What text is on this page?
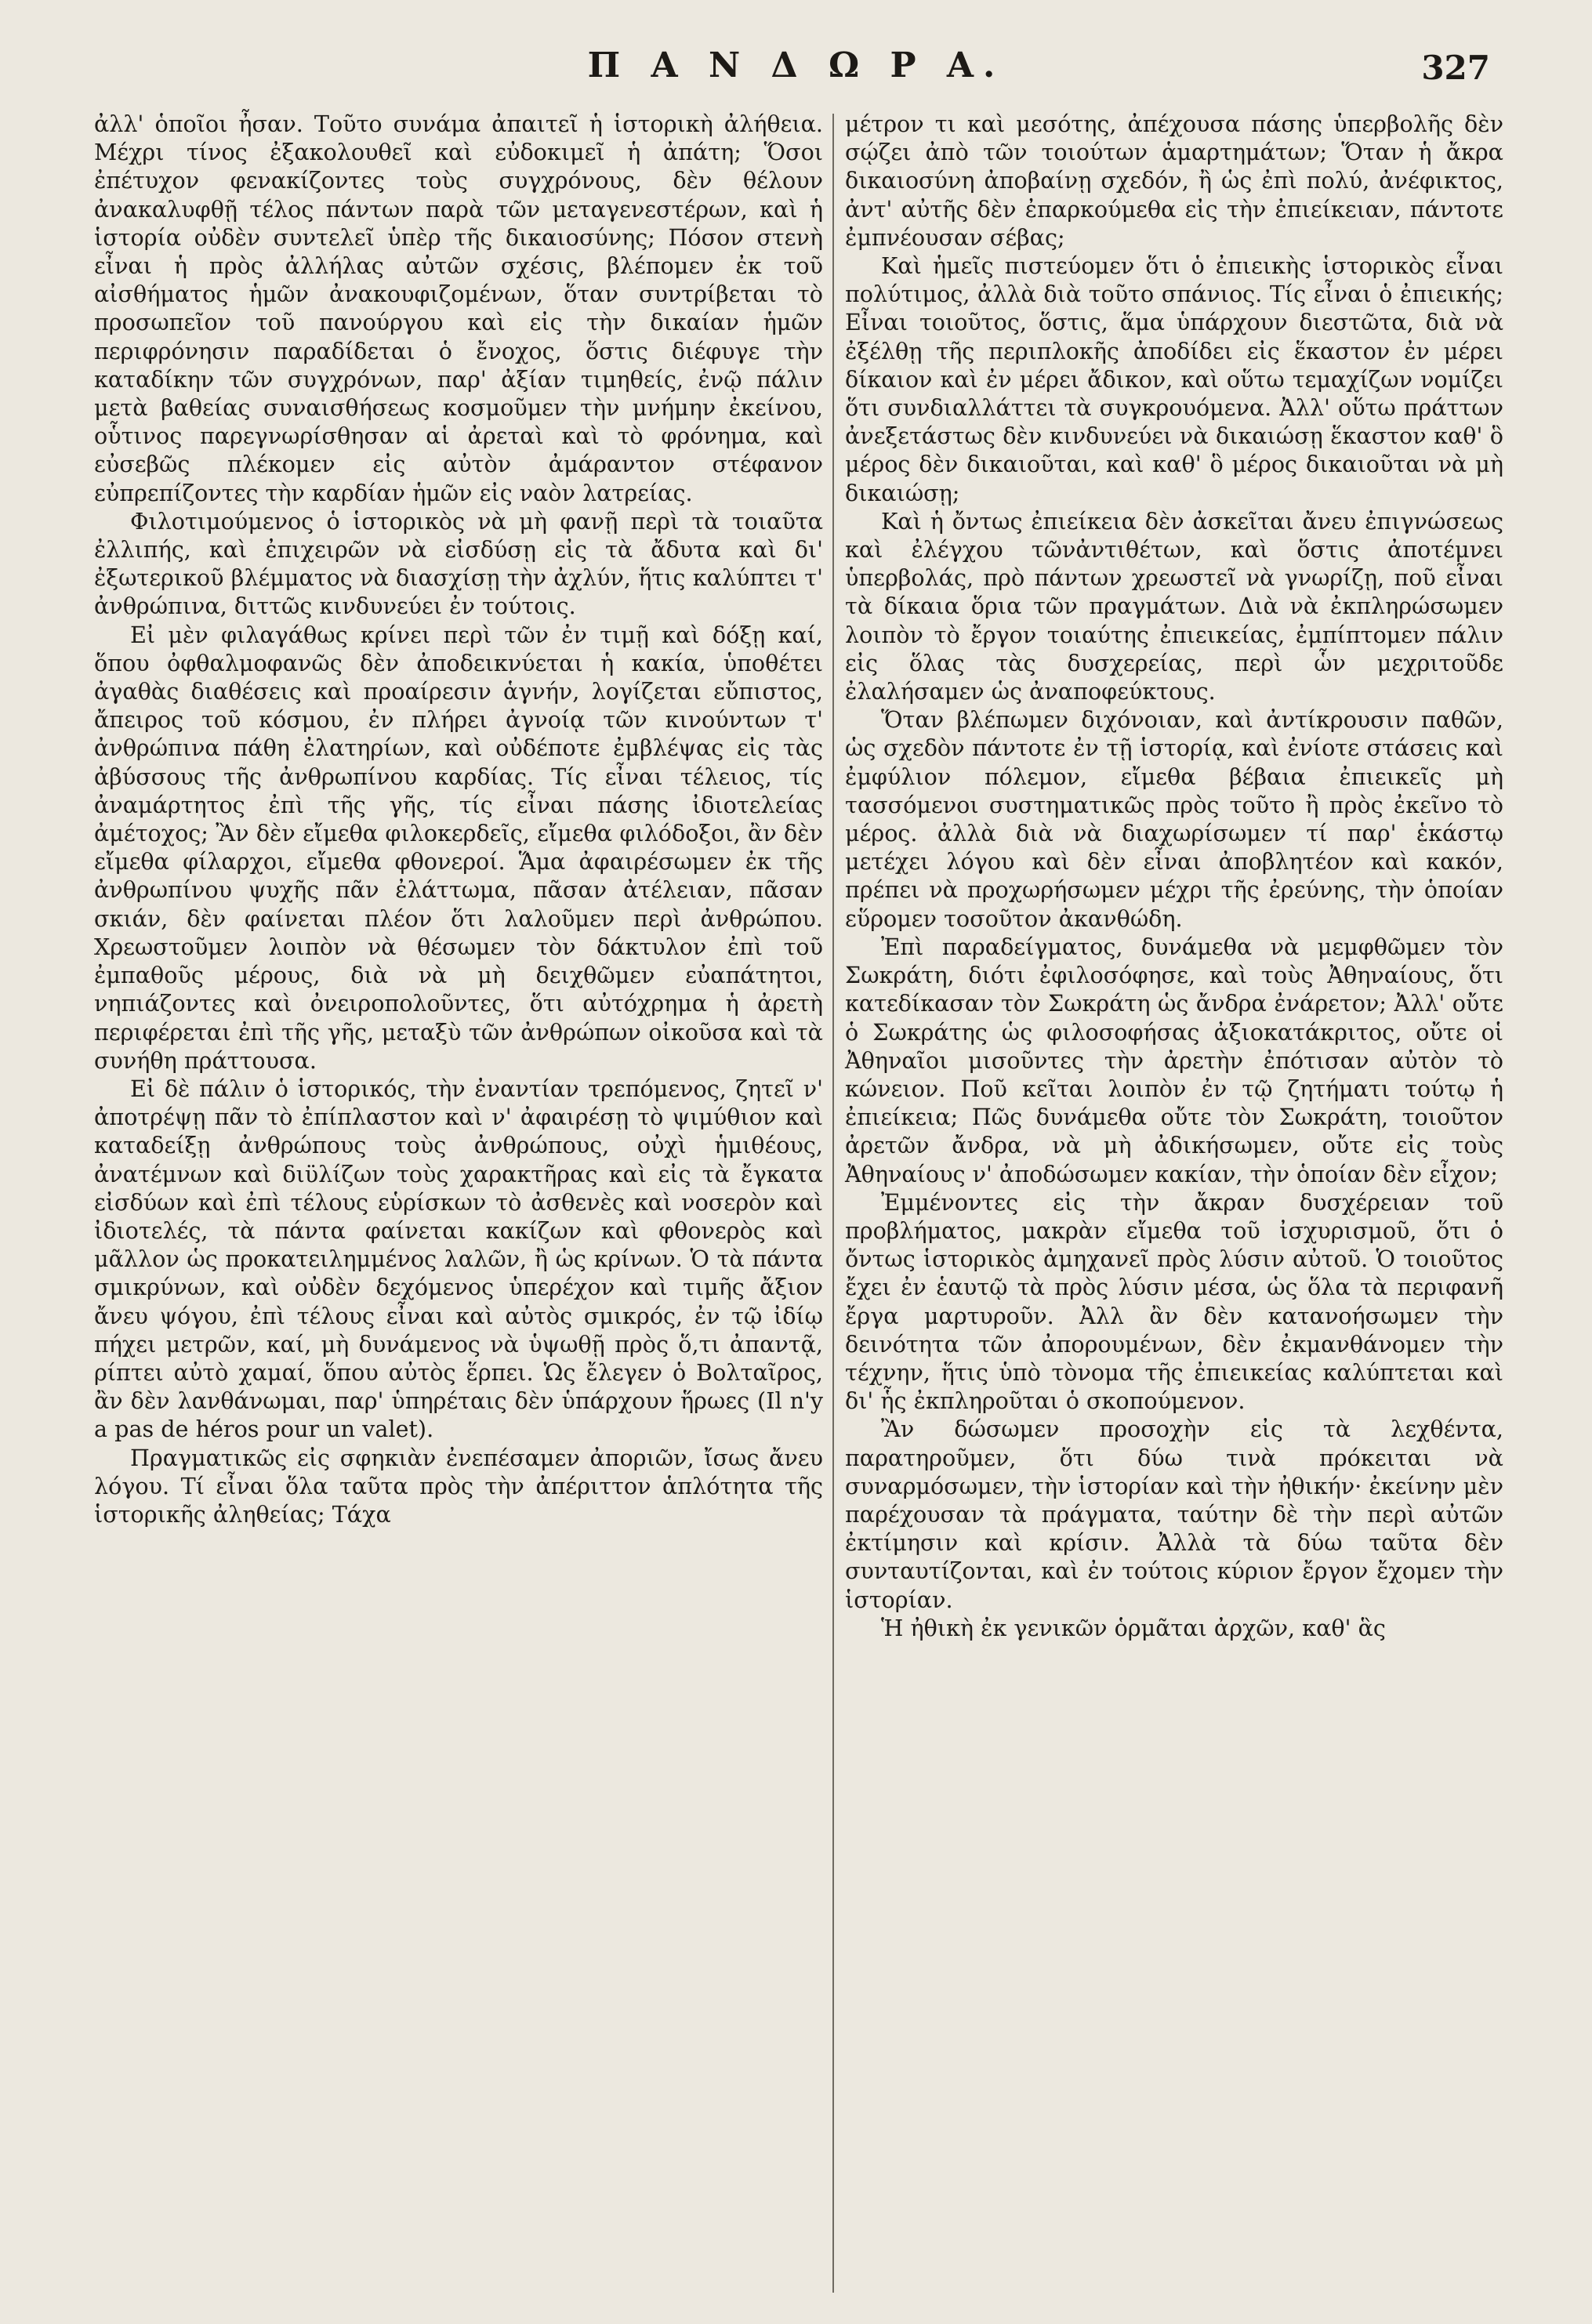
Π Α Ν Δ Ω Ρ Α.	327

ἀλλ' ὁποῖοι ἦσαν. Τοῦτο συνάμα ἀπαιτεῖ ἡ ἱστορικὴ ἀλήθεια. Μέχρι τίνος ἐξακολουθεῖ καὶ εὐδοκιμεῖ ἡ ἀπάτη; Ὅσοι ἐπέτυχον φενακίζοντες τοὺς συγχρόνους, δὲν θέλουν ἀνακαλυφθῇ τέλος πάντων παρὰ τῶν μεταγενεστέρων, καὶ ἡ ἱστορία οὐδὲν συντελεῖ ὑπὲρ τῆς δικαιοσύνης; Πόσον στενὴ εἶναι ἡ πρὸς ἀλλήλας αὐτῶν σχέσις, βλέπομεν ἐκ τοῦ αἰσθήματος ἡμῶν ἀνακουφιζομένων, ὅταν συντρίβεται τὸ προσωπεῖον τοῦ πανούργου καὶ εἰς τὴν δικαίαν ἡμῶν περιφρόνησιν παραδίδεται ὁ ἔνοχος, ὅστις διέφυγε τὴν καταδίκην τῶν συγχρόνων, παρ' ἀξίαν τιμηθείς, ἐνῷ πάλιν μετὰ βαθείας συναισθήσεως κοσμοῦμεν τὴν μνήμην ἐκείνου, οὗτινος παρεγνωρίσθησαν αἱ ἀρεταὶ καὶ τὸ φρόνημα, καὶ εὐσεβῶς πλέκομεν εἰς αὐτὸν ἀμάραντον στέφανον εὐπρεπίζοντες τὴν καρδίαν ἡμῶν εἰς ναὸν λατρείας.

Φιλοτιμούμενος ὁ ἱστορικὸς νὰ μὴ φανῇ περὶ τὰ τοιαῦτα ἐλλιπής, καὶ ἐπιχειρῶν νὰ εἰσδύσῃ εἰς τὰ ἄδυτα καὶ δι' ἐξωτερικοῦ βλέμματος νὰ διασχίσῃ τὴν ἀχλύν, ἥτις καλύπτει τ' ἀνθρώπινα, διττῶς κινδυνεύει ἐν τούτοις.

Εἰ μὲν φιλαγάθως κρίνει περὶ τῶν ἐν τιμῇ καὶ δόξῃ καί, ὅπου ὀφθαλμοφανῶς δὲν ἀποδεικνύεται ἡ κακία, ὑποθέτει ἀγαθὰς διαθέσεις καὶ προαίρεσιν ἁγνήν, λογίζεται εὔπιστος, ἄπειρος τοῦ κόσμου, ἐν πλήρει ἀγνοίᾳ τῶν κινούντων τ' ἀνθρώπινα πάθη ἐλατηρίων, καὶ οὐδέποτε ἐμβλέψας εἰς τὰς ἀβύσσους τῆς ἀνθρωπίνου καρδίας. Τίς εἶναι τέλειος, τίς ἀναμάρτητος ἐπὶ τῆς γῆς, τίς εἶναι πάσης ἰδιοτελείας ἀμέτοχος; Ἂν δὲν εἴμεθα φιλοκερδεῖς, εἴμεθα φιλόδοξοι, ἂν δὲν εἴμεθα φίλαρχοι, εἴμεθα φθονεροί. Ἅμα ἀφαιρέσωμεν ἐκ τῆς ἀνθρωπίνου ψυχῆς πᾶν ἐλάττωμα, πᾶσαν ἀτέλειαν, πᾶσαν σκιάν, δὲν φαίνεται πλέον ὅτι λαλοῦμεν περὶ ἀνθρώπου. Χρεωστοῦμεν λοιπὸν νὰ θέσωμεν τὸν δάκτυλον ἐπὶ τοῦ ἐμπαθοῦς μέρους, διὰ νὰ μὴ δειχθῶμεν εὐαπάτητοι, νηπιάζοντες καὶ ὀνειροπολοῦντες, ὅτι αὐτόχρημα ἡ ἀρετὴ περιφέρεται ἐπὶ τῆς γῆς, μεταξὺ τῶν ἀνθρώπων οἰκοῦσα καὶ τὰ συνήθη πράττουσα.

Εἰ δὲ πάλιν ὁ ἱστορικός, τὴν ἐναντίαν τρεπόμενος, ζητεῖ ν' ἀποτρέψῃ πᾶν τὸ ἐπίπλαστον καὶ ν' ἀφαιρέσῃ τὸ ψιμύθιον καὶ καταδείξῃ ἀνθρώπους τοὺς ἀνθρώπους, οὐχὶ ἡμιθέους, ἀνατέμνων καὶ διϋλίζων τοὺς χαρακτῆρας καὶ εἰς τὰ ἔγκατα εἰσδύων καὶ ἐπὶ τέλους εὑρίσκων τὸ ἀσθενὲς καὶ νοσερὸν καὶ ἰδιοτελές, τὰ πάντα φαίνεται κακίζων καὶ φθονερὸς καὶ μᾶλλον ὡς προκατειλημμένος λαλῶν, ἢ ὡς κρίνων. Ὁ τὰ πάντα σμικρύνων, καὶ οὐδὲν δεχόμενος ὑπερέχον καὶ τιμῆς ἄξιον ἄνευ ψόγου, ἐπὶ τέλους εἶναι καὶ αὐτὸς σμικρός, ἐν τῷ ἰδίῳ πήχει μετρῶν, καί, μὴ δυνάμενος νὰ ὑψωθῇ πρὸς ὅ,τι ἀπαντᾷ, ρίπτει αὐτὸ χαμαί, ὅπου αὐτὸς ἕρπει. Ὡς ἔλεγεν ὁ Βολταῖρος, ἂν δὲν λανθάνωμαι, παρ' ὑπηρέταις δὲν ὑπάρχουν ἥρωες (Il n'y a pas de héros pour un valet).

Πραγματικῶς εἰς σφηκιὰν ἐνεπέσαμεν ἀποριῶν, ἴσως ἄνευ λόγου. Τί εἶναι ὅλα ταῦτα πρὸς τὴν ἀπέριττον ἁπλότητα τῆς ἱστορικῆς ἀληθείας; Τάχα

μέτρον τι καὶ μεσότης, ἀπέχουσα πάσης ὑπερβολῆς δὲν σῴζει ἀπὸ τῶν τοιούτων ἁμαρτημάτων; Ὅταν ἡ ἄκρα δικαιοσύνη ἀποβαίνῃ σχεδόν, ἢ ὡς ἐπὶ πολύ, ἀνέφικτος, ἀντ' αὐτῆς δὲν ἐπαρκούμεθα εἰς τὴν ἐπιείκειαν, πάντοτε ἐμπνέουσαν σέβας;

Καὶ ἡμεῖς πιστεύομεν ὅτι ὁ ἐπιεικὴς ἱστορικὸς εἶναι πολύτιμος, ἀλλὰ διὰ τοῦτο σπάνιος. Τίς εἶναι ὁ ἐπιεικής; Εἶναι τοιοῦτος, ὅστις, ἅμα ὑπάρχουν διεστῶτα, διὰ νὰ ἐξέλθῃ τῆς περιπλοκῆς ἀποδίδει εἰς ἕκαστον ἐν μέρει δίκαιον καὶ ἐν μέρει ἄδικον, καὶ οὕτω τεμαχίζων νομίζει ὅτι συνδιαλλάττει τὰ συγκρουόμενα. Ἀλλ' οὕτω πράττων ἀνεξετάστως δὲν κινδυνεύει νὰ δικαιώσῃ ἕκαστον καθ' ὃ μέρος δὲν δικαιοῦται, καὶ καθ' ὃ μέρος δικαιοῦται νὰ μὴ δικαιώσῃ;

Καὶ ἡ ὄντως ἐπιείκεια δὲν ἀσκεῖται ἄνευ ἐπιγνώσεως καὶ ἐλέγχου τῶνἀντιθέτων, καὶ ὅστις ἀποτέμνει ὑπερβολάς, πρὸ πάντων χρεωστεῖ νὰ γνωρίζῃ, ποῦ εἶναι τὰ δίκαια ὅρια τῶν πραγμάτων. Διὰ νὰ ἐκπληρώσωμεν λοιπὸν τὸ ἔργον τοιαύτης ἐπιεικείας, ἐμπίπτομεν πάλιν εἰς ὅλας τὰς δυσχερείας, περὶ ὧν μεχριτοῦδε ἐλαλήσαμεν ὡς ἀναποφεύκτους.

Ὅταν βλέπωμεν διχόνοιαν, καὶ ἀντίκρουσιν παθῶν, ὡς σχεδὸν πάντοτε ἐν τῇ ἱστορίᾳ, καὶ ἐνίοτε στάσεις καὶ ἐμφύλιον πόλεμον, εἴμεθα βέβαια ἐπιεικεῖς μὴ τασσόμενοι συστηματικῶς πρὸς τοῦτο ἢ πρὸς ἐκεῖνο τὸ μέρος. ἀλλὰ διὰ νὰ διαχωρίσωμεν τί παρ' ἑκάστῳ μετέχει λόγου καὶ δὲν εἶναι ἀποβλητέον καὶ κακόν, πρέπει νὰ προχωρήσωμεν μέχρι τῆς ἐρεύνης, τὴν ὁποίαν εὕρομεν τοσοῦτον ἀκανθώδη.

Ἐπὶ παραδείγματος, δυνάμεθα νὰ μεμφθῶμεν τὸν Σωκράτη, διότι ἐφιλοσόφησε, καὶ τοὺς Ἀθηναίους, ὅτι κατεδίκασαν τὸν Σωκράτη ὡς ἄνδρα ἐνάρετον; Ἀλλ' οὔτε ὁ Σωκράτης ὡς φιλοσοφήσας ἀξιοκατάκριτος, οὔτε οἱ Ἀθηναῖοι μισοῦντες τὴν ἀρετὴν ἐπότισαν αὐτὸν τὸ κώνειον. Ποῦ κεῖται λοιπὸν ἐν τῷ ζητήματι τούτῳ ἡ ἐπιείκεια; Πῶς δυνάμεθα οὔτε τὸν Σωκράτη, τοιοῦτον ἀρετῶν ἄνδρα, νὰ μὴ ἀδικήσωμεν, οὔτε εἰς τοὺς Ἀθηναίους ν' ἀποδώσωμεν κακίαν, τὴν ὁποίαν δὲν εἶχον;

Ἐμμένοντες εἰς τὴν ἄκραν δυσχέρειαν τοῦ προβλήματος, μακρὰν εἴμεθα τοῦ ἰσχυρισμοῦ, ὅτι ὁ ὄντως ἱστορικὸς ἀμηχανεῖ πρὸς λύσιν αὐτοῦ. Ὁ τοιοῦτος ἔχει ἐν ἑαυτῷ τὰ πρὸς λύσιν μέσα, ὡς ὅλα τὰ περιφανῆ ἔργα μαρτυροῦν. Ἀλλ ἂν δὲν κατανοήσωμεν τὴν δεινότητα τῶν ἀπορουμένων, δὲν ἐκμανθάνομεν τὴν τέχνην, ἥτις ὑπὸ τὸνομα τῆς ἐπιεικείας καλύπτεται καὶ δι' ἧς ἐκπληροῦται ὁ σκοπούμενον.

Ἂν δώσωμεν προσοχὴν εἰς τὰ λεχθέντα, παρατηροῦμεν, ὅτι δύω τινὰ πρόκειται νὰ συναρμόσωμεν, τὴν ἱστορίαν καὶ τὴν ἠθικήν· ἐκείνην μὲν παρέχουσαν τὰ πράγματα, ταύτην δὲ τὴν περὶ αὐτῶν ἐκτίμησιν καὶ κρίσιν. Ἀλλὰ τὰ δύω ταῦτα δὲν συνταυτίζονται, καὶ ἐν τούτοις κύριον ἔργον ἔχομεν τὴν ἱστορίαν.

Ἡ ἠθικὴ ἐκ γενικῶν ὁρμᾶται ἀρχῶν, καθ' ἃς
